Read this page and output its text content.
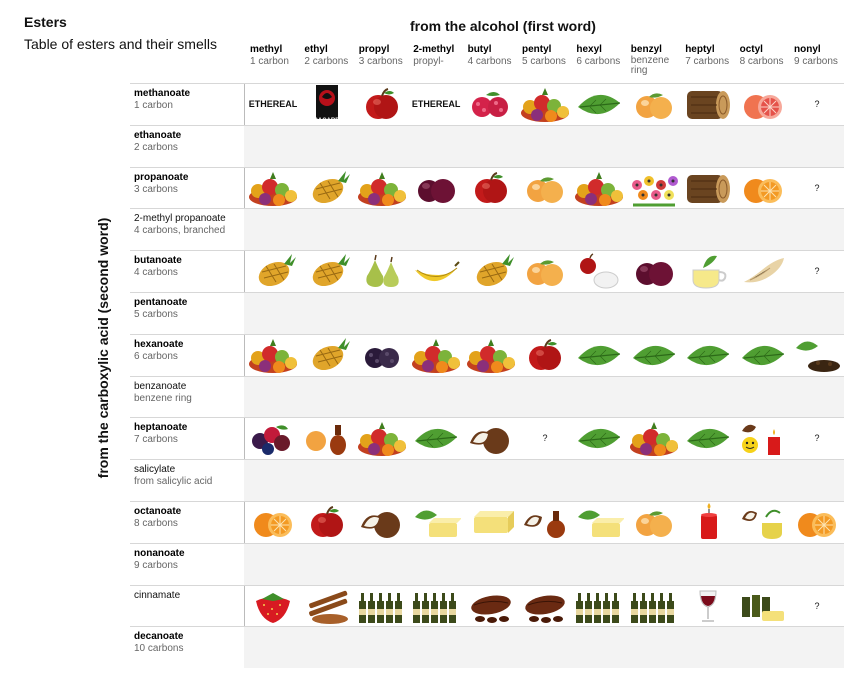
Esters
Table of esters and their smells
from the alcohol (first word)
from the carboxylic acid (second word)
methyl
1 carbon
ethyl
2 carbons
propyl
3 carbons
2-methyl
propyl-
butyl
4 carbons
pentyl
5 carbons
hexyl
6 carbons
benzyl
benzene ring
heptyl
7 carbons
octyl
8 carbons
nonyl
9 carbons
methanoate
1 carbon
ethanoate
2 carbons
propanoate
3 carbons
2-methyl propanoate
4 carbons, branched
butanoate
4 carbons
pentanoate
5 carbons
hexanoate
6 carbons
benzanoate
benzene ring
heptanoate
7 carbons
salicylate
from salicylic acid
octanoate
8 carbons
nonanoate
9 carbons
cinnamate
decanoate
10 carbons
ETHEREAL
BACARDÍ
ETHEREAL	?
?
?
?	?
?
